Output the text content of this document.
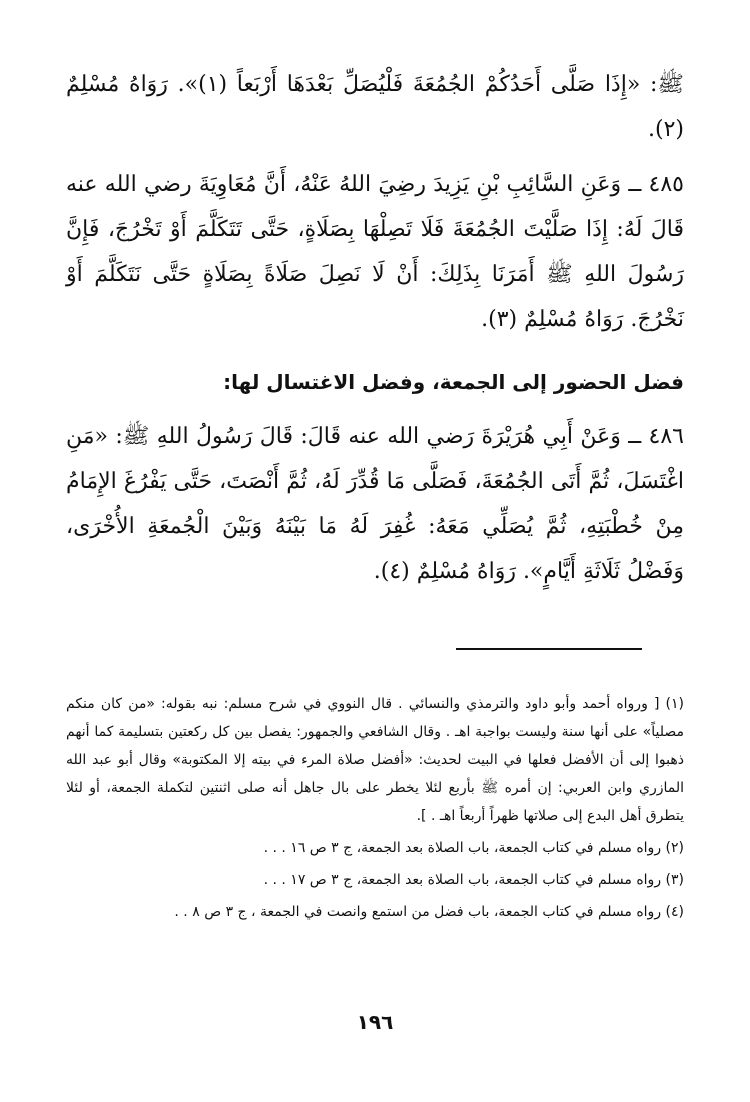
ﷺ: «إِذَا صَلَّى أَحَدُكُمْ الجُمُعَةَ فَلْيُصَلِّ بَعْدَهَا أَرْبَعاً (١)». رَوَاهُ مُسْلِمٌ (٢).

٤٨٥ ــ وَعَنِ السَّائِبِ بْنِ يَزِيدَ رضِيَ اللهُ عَنْهُ، أَنَّ مُعَاوِيَةَ رضي الله عنه قَالَ لَهُ: إِذَا صَلَّيْتَ الجُمُعَةَ فَلَا تَصِلْهَا بِصَلَاةٍ، حَتَّى تَتَكَلَّمَ أَوْ تَخْرُجَ، فَإِنَّ رَسُولَ اللهِ ﷺ أَمَرَنَا بِذَلِكَ: أَنْ لَا نَصِلَ صَلَاةً بِصَلَاةٍ حَتَّى نَتَكَلَّمَ أَوْ نَخْرُجَ. رَوَاهُ مُسْلِمٌ (٣).

فضل الحضور إلى الجمعة، وفضل الاغتسال لها:

٤٨٦ ــ وَعَنْ أَبِي هُرَيْرَةَ رَضي الله عنه قَالَ: قَالَ رَسُولُ اللهِ ﷺ: «مَنِ اغْتَسَلَ، ثُمَّ أَتَى الجُمُعَةَ، فَصَلَّى مَا قُدِّرَ لَهُ، ثُمَّ أَنْصَتَ، حَتَّى يَفْرُغَ الإِمَامُ مِنْ خُطْبَتِهِ، ثُمَّ يُصَلِّي مَعَهُ: غُفِرَ لَهُ مَا بَيْنَهُ وَبَيْنَ الْجُمعَةِ الأُخْرَى، وَفَضْلُ ثَلَاثَةِ أَيَّامٍ». رَوَاهُ مُسْلِمٌ (٤).

(١) [ ورواه أحمد وأبو داود والترمذي والنسائي . قال النووي في شرح مسلم: نبه بقوله: «من كان منكم مصلياً» على أنها سنة وليست بواجبة اهـ . وقال الشافعي والجمهور: يفصل بين كل ركعتين بتسليمة كما أنهم ذهبوا إلى أن الأفضل فعلها في البيت لحديث: «أفضل صلاة المرء في بيته إلا المكتوبة» وقال أبو عبد الله المازري وابن العربي: إن أمره ﷺ بأربع لئلا يخطر على بال جاهل أنه صلى اثنتين لتكملة الجمعة، أو لئلا يتطرق أهل البدع إلى صلاتها ظهراً أربعاً اهـ . ].

(٢) رواه مسلم في كتاب الجمعة، باب الصلاة بعد الجمعة، ج ٣ ص ١٦ . . .

(٣) رواه مسلم في كتاب الجمعة، باب الصلاة بعد الجمعة، ج ٣ ص ١٧ . . .

(٤) رواه مسلم في كتاب الجمعة، باب فضل من استمع وانصت في الجمعة ، ج ٣ ص ٨ . .

١٩٦
